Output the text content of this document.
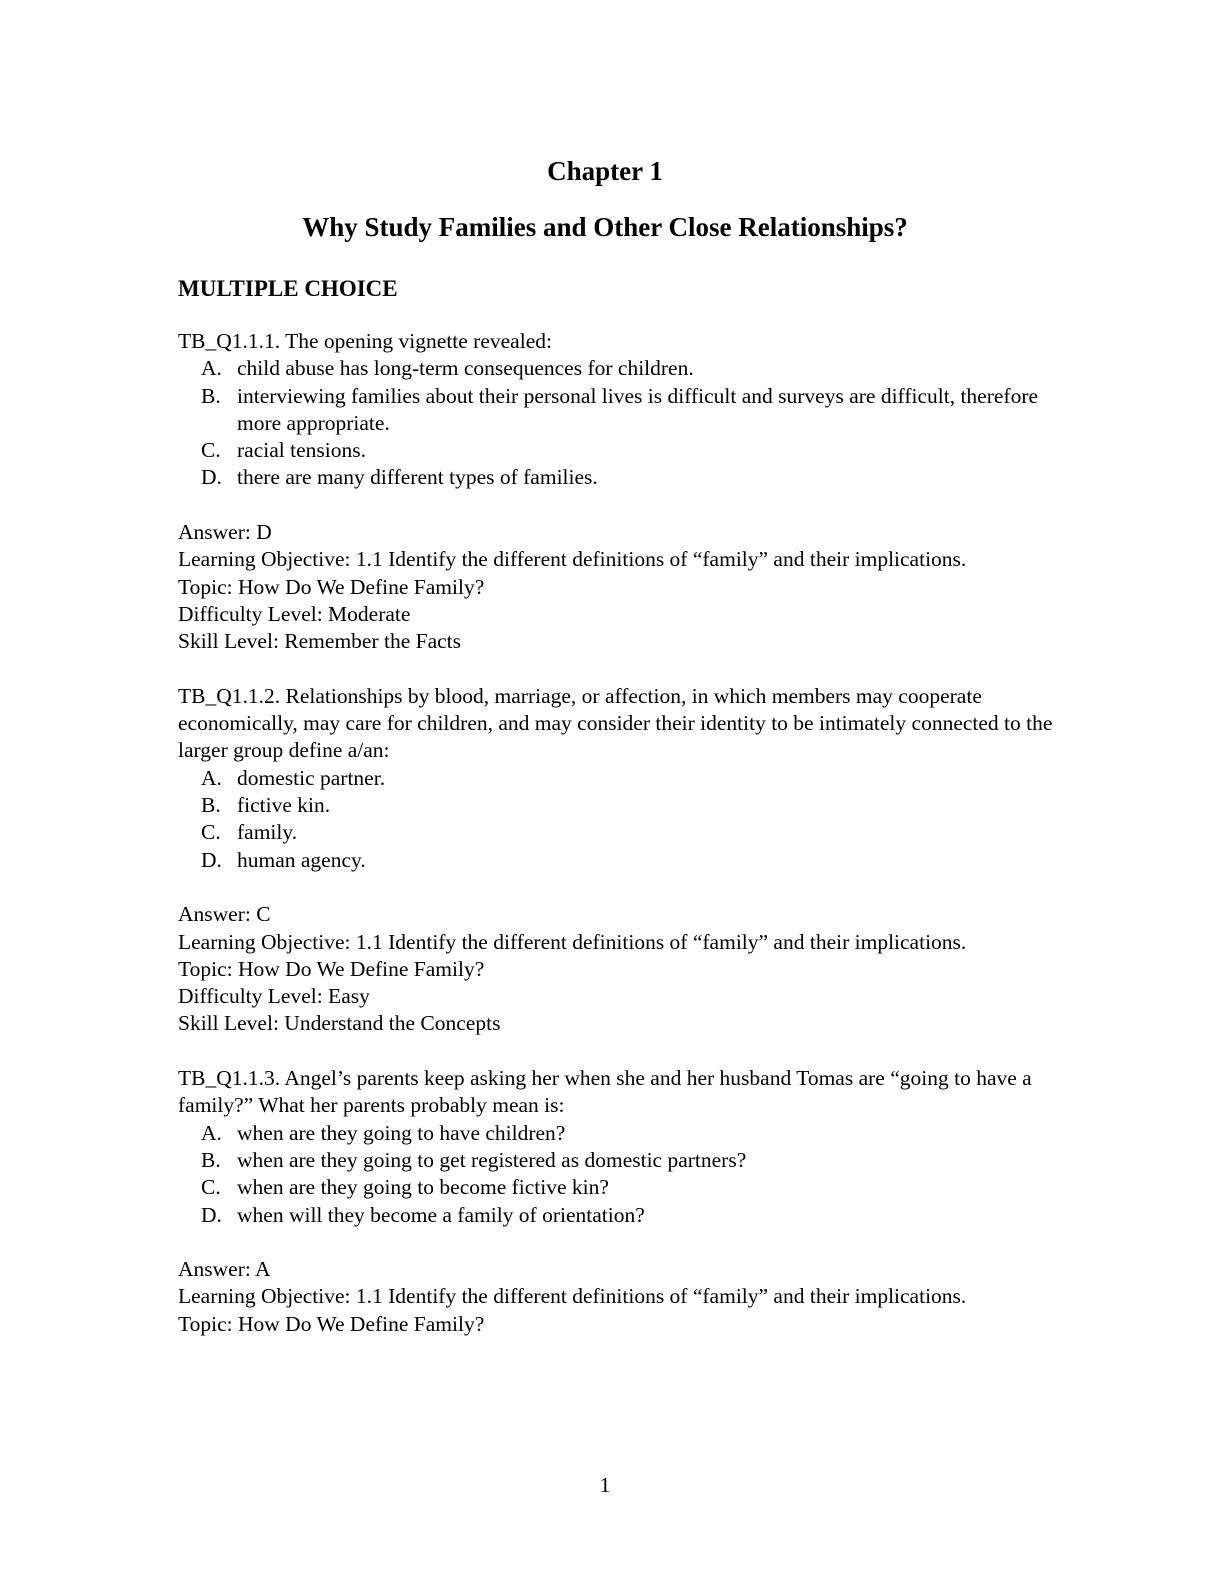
Chapter 1
Why Study Families and Other Close Relationships?
MULTIPLE CHOICE

TB_Q1.1.1. The opening vignette revealed:

A. child abuse has long-term consequences for children.
B. interviewing families about their personal lives is difficult and surveys are difficult, therefore more appropriate.
C. racial tensions.
D. there are many different types of families.

Answer: D

Learning Objective: 1.1 Identify the different definitions of “family” and their implications.

Topic: How Do We Define Family?

Difficulty Level: Moderate

Skill Level: Remember the Facts

TB_Q1.1.2. Relationships by blood, marriage, or affection, in which members may cooperate economically, may care for children, and may consider their identity to be intimately connected to the larger group define a/an:

A. domestic partner.
B. fictive kin.
C. family.
D. human agency.

Answer: C

Learning Objective: 1.1 Identify the different definitions of “family” and their implications.

Topic: How Do We Define Family?

Difficulty Level: Easy

Skill Level: Understand the Concepts

TB_Q1.1.3. Angel’s parents keep asking her when she and her husband Tomas are “going to have a family?” What her parents probably mean is:

A. when are they going to have children?
B. when are they going to get registered as domestic partners?
C. when are they going to become fictive kin?
D. when will they become a family of orientation?

Answer: A

Learning Objective: 1.1 Identify the different definitions of “family” and their implications.

Topic: How Do We Define Family?

1
